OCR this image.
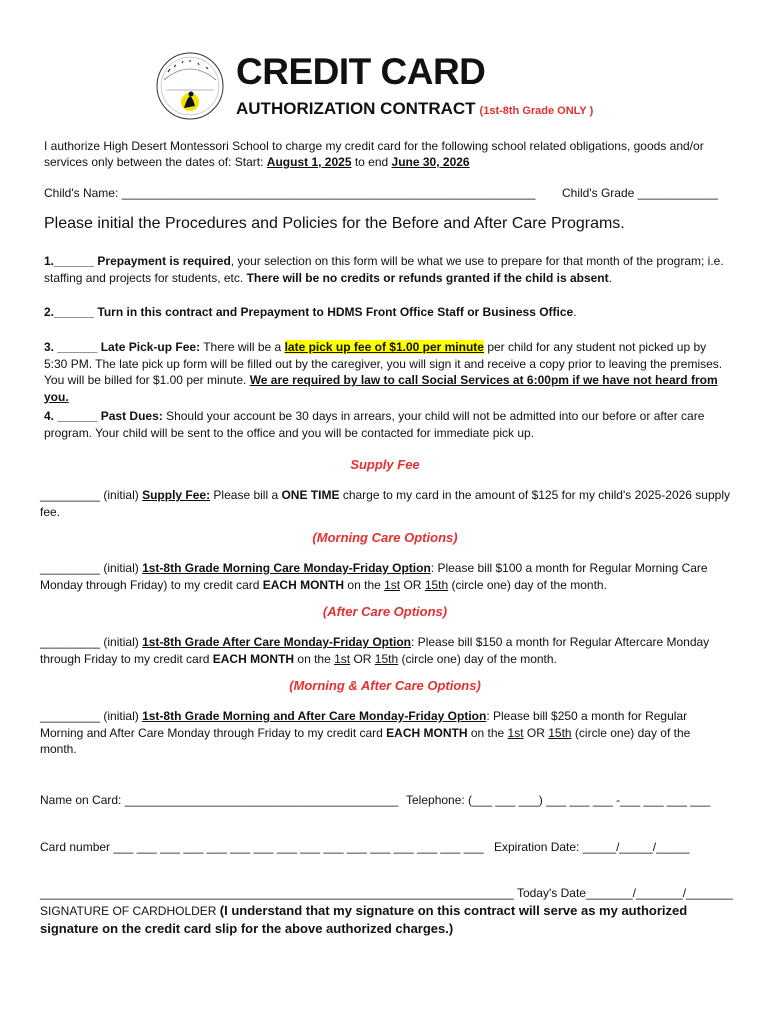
CREDIT CARD
AUTHORIZATION CONTRACT (1st-8th Grade ONLY )
I authorize High Desert Montessori School to charge my credit card for the following school related obligations, goods and/or
services only between the dates of: Start: August 1, 2025 to end June 30, 2026
Child's Name: ______________________________________________________________ Child's Grade ____________
Please initial the Procedures and Policies for the Before and After Care Programs.
1.______ Prepayment is required, your selection on this form will be what we use to prepare for that month of the program; i.e. staffing and projects for students, etc. There will be no credits or refunds granted if the child is absent.
2.______ Turn in this contract and Prepayment to HDMS Front Office Staff or Business Office.
3. ______ Late Pick-up Fee: There will be a late pick up fee of $1.00 per minute per child for any student not picked up by 5:30 PM. The late pick up form will be filled out by the caregiver, you will sign it and receive a copy prior to leaving the premises. You will be billed for $1.00 per minute. We are required by law to call Social Services at 6:00pm if we have not heard from you.
4. ______ Past Dues: Should your account be 30 days in arrears, your child will not be admitted into our before or after care program. Your child will be sent to the office and you will be contacted for immediate pick up.
Supply Fee
_________ (initial) Supply Fee: Please bill a ONE TIME charge to my card in the amount of $125 for my child's 2025-2026 supply fee.
(Morning Care Options)
_________ (initial) 1st-8th Grade Morning Care Monday-Friday Option: Please bill $100 a month for Regular Morning Care Monday through Friday) to my credit card EACH MONTH on the 1st OR 15th (circle one) day of the month.
(After Care Options)
_________ (initial) 1st-8th Grade After Care Monday-Friday Option: Please bill $150 a month for Regular Aftercare Monday through Friday to my credit card EACH MONTH on the 1st OR 15th (circle one) day of the month.
(Morning & After Care Options)
_________ (initial) 1st-8th Grade Morning and After Care Monday-Friday Option: Please bill $250 a month for Regular Morning and After Care Monday through Friday to my credit card EACH MONTH on the 1st OR 15th (circle one) day of the month.
Name on Card: _________________________________________ Telephone: (___ ___ ___) ___ ___ ___ -___ ___ ___ ___
Card number ___ ___ ___ ___ ___ ___ ___ ___ ___ ___ ___ ___ ___ ___ ___ ___ Expiration Date: _____/_____/_____
_______________________________________________________________________ Today's Date_______/_______/_______
SIGNATURE OF CARDHOLDER (I understand that my signature on this contract will serve as my authorized signature on the credit card slip for the above authorized charges.)
